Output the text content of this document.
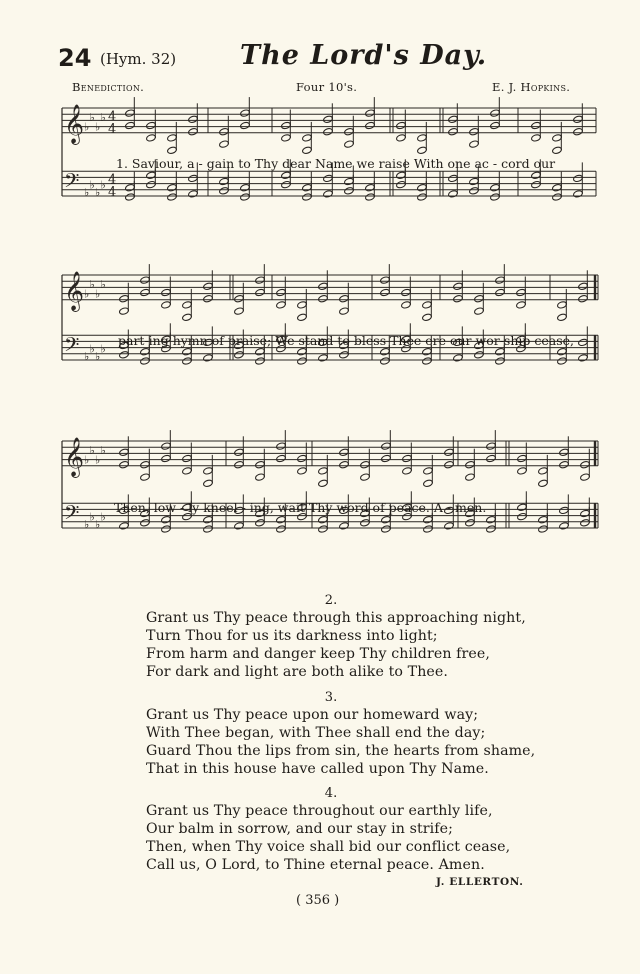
24 (Hym. 32) The Lord's Day.
Benediction.	Four 10's.	E. J. Hopkins.
𝄞
𝄢
♭
♭
♭
♭
♭
♭
♭
♭
4
4
4
4
𝄞
𝄢
♭
♭
♭
♭
♭
♭
♭
♭
𝄞
𝄢
♭
♭
♭
♭
♭
♭
♭
♭
1. Saviour, a - gain to Thy dear Name we raise With one ac - cord our
part-ing hymn of praise; We stand to bless Thee ere our wor-ship cease,
Then, low - ly kneel - ing, wait Thy word of peace. A - men.
2.
Grant us Thy peace through this approaching night,
Turn Thou for us its darkness into light;
From harm and danger keep Thy children free,
For dark and light are both alike to Thee.
3.
Grant us Thy peace upon our homeward way;
With Thee began, with Thee shall end the day;
Guard Thou the lips from sin, the hearts from shame,
That in this house have called upon Thy Name.
4.
Grant us Thy peace throughout our earthly life,
Our balm in sorrow, and our stay in strife;
Then, when Thy voice shall bid our conflict cease,
Call us, O Lord, to Thine eternal peace. Amen.
J. ELLERTON.
( 356 )
